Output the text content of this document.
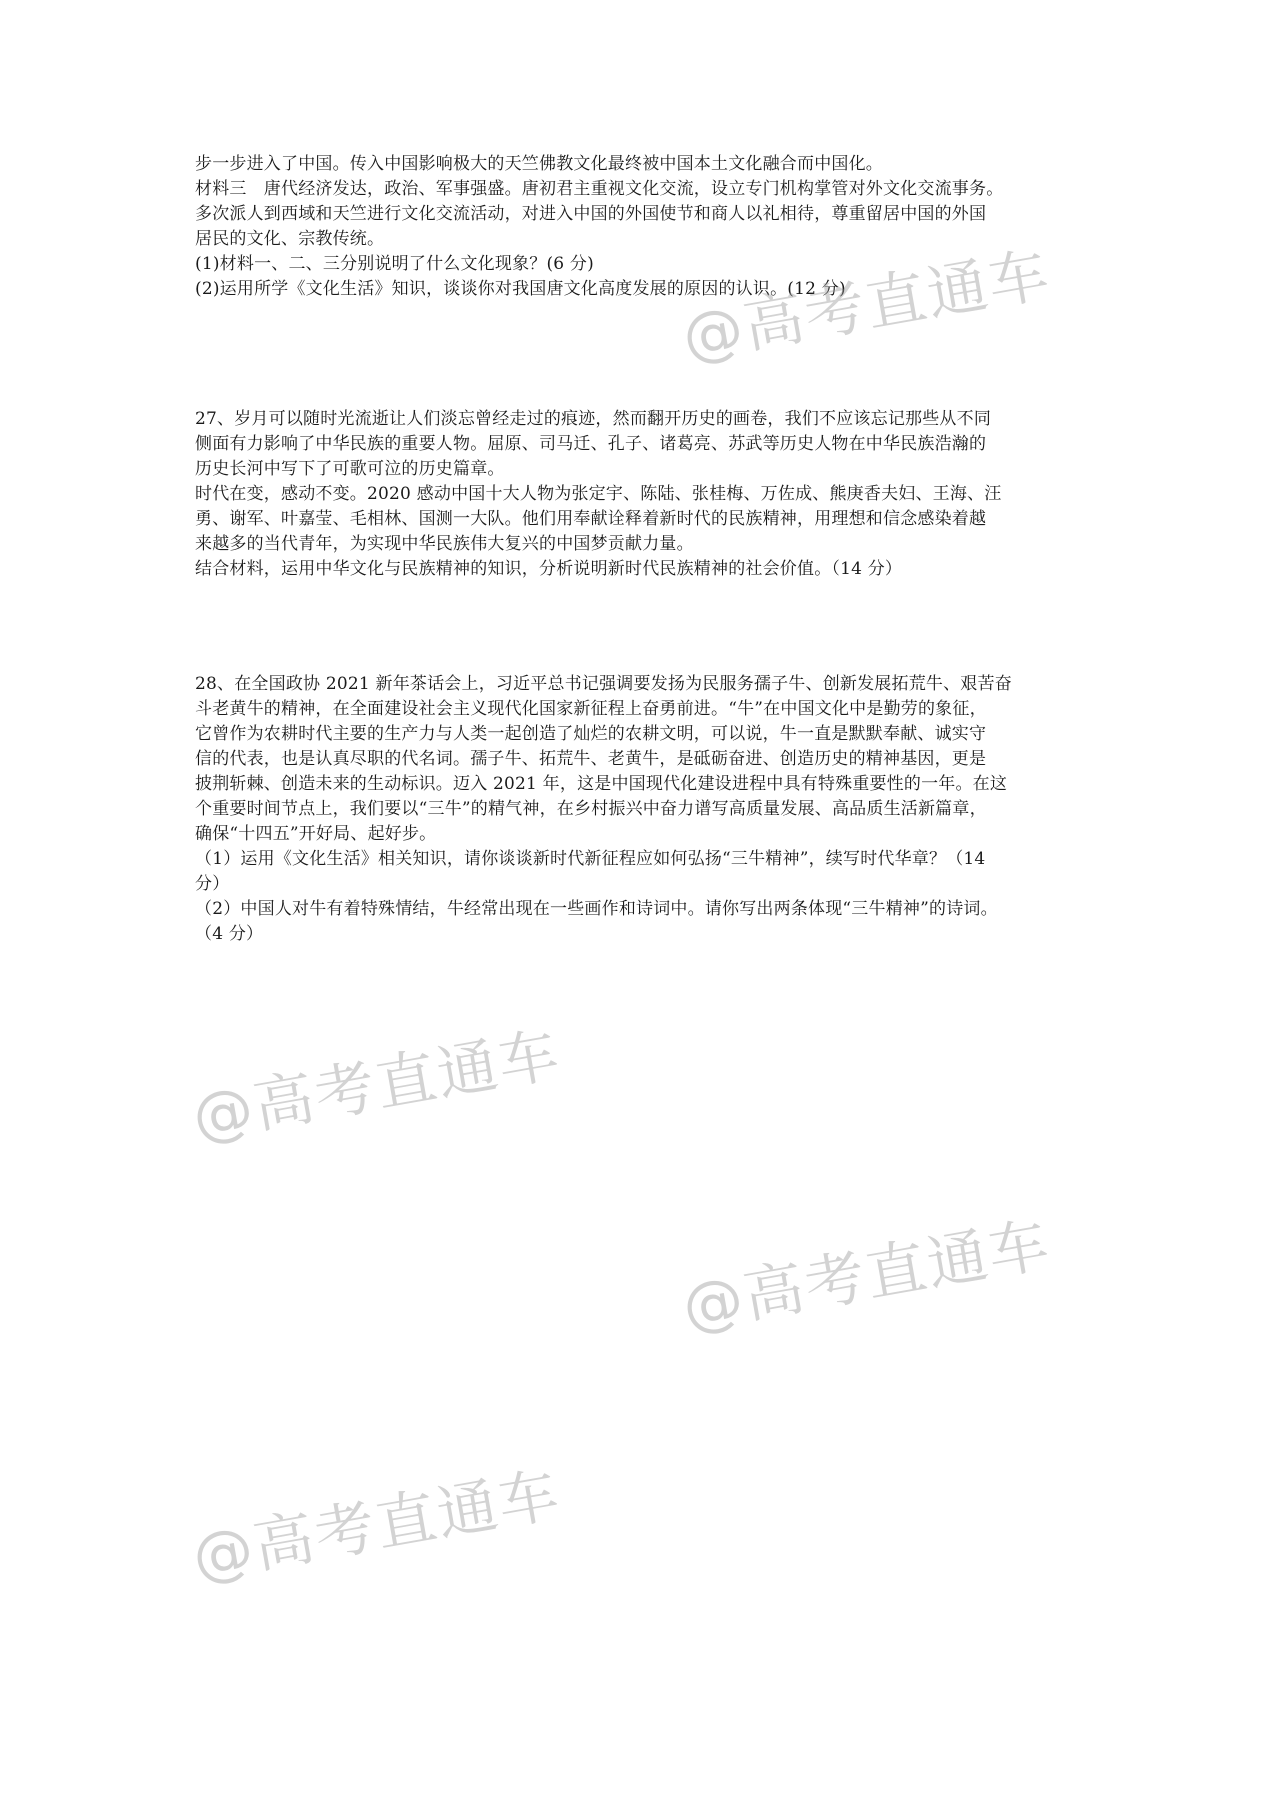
步一步进入了中国。传入中国影响极大的天竺佛教文化最终被中国本土文化融合而中国化。
材料三　唐代经济发达，政治、军事强盛。唐初君主重视文化交流，设立专门机构掌管对外文化交流事务。
多次派人到西域和天竺进行文化交流活动，对进入中国的外国使节和商人以礼相待，尊重留居中国的外国
居民的文化、宗教传统。
(1)材料一、二、三分别说明了什么文化现象？(6 分)
(2)运用所学《文化生活》知识，谈谈你对我国唐文化高度发展的原因的认识。(12 分)
27、岁月可以随时光流逝让人们淡忘曾经走过的痕迹，然而翻开历史的画卷，我们不应该忘记那些从不同
侧面有力影响了中华民族的重要人物。屈原、司马迁、孔子、诸葛亮、苏武等历史人物在中华民族浩瀚的
历史长河中写下了可歌可泣的历史篇章。
时代在变，感动不变。2020 感动中国十大人物为张定宇、陈陆、张桂梅、万佐成、熊庚香夫妇、王海、汪
勇、谢军、叶嘉莹、毛相林、国测一大队。他们用奉献诠释着新时代的民族精神，用理想和信念感染着越
来越多的当代青年，为实现中华民族伟大复兴的中国梦贡献力量。
结合材料，运用中华文化与民族精神的知识，分析说明新时代民族精神的社会价值。（14 分）
28、在全国政协 2021 新年茶话会上，习近平总书记强调要发扬为民服务孺子牛、创新发展拓荒牛、艰苦奋
斗老黄牛的精神，在全面建设社会主义现代化国家新征程上奋勇前进。“牛”在中国文化中是勤劳的象征，
它曾作为农耕时代主要的生产力与人类一起创造了灿烂的农耕文明，可以说，牛一直是默默奉献、诚实守
信的代表，也是认真尽职的代名词。孺子牛、拓荒牛、老黄牛，是砥砺奋进、创造历史的精神基因，更是
披荆斩棘、创造未来的生动标识。迈入 2021 年，这是中国现代化建设进程中具有特殊重要性的一年。在这
个重要时间节点上，我们要以“三牛”的精气神，在乡村振兴中奋力谱写高质量发展、高品质生活新篇章，
确保“十四五”开好局、起好步。
（1）运用《文化生活》相关知识，请你谈谈新时代新征程应如何弘扬“三牛精神”，续写时代华章？（14
分）
（2）中国人对牛有着特殊情结，牛经常出现在一些画作和诗词中。请你写出两条体现“三牛精神”的诗词。
（4 分）
@高考直通车
@高考直通车
@高考直通车
@高考直通车
